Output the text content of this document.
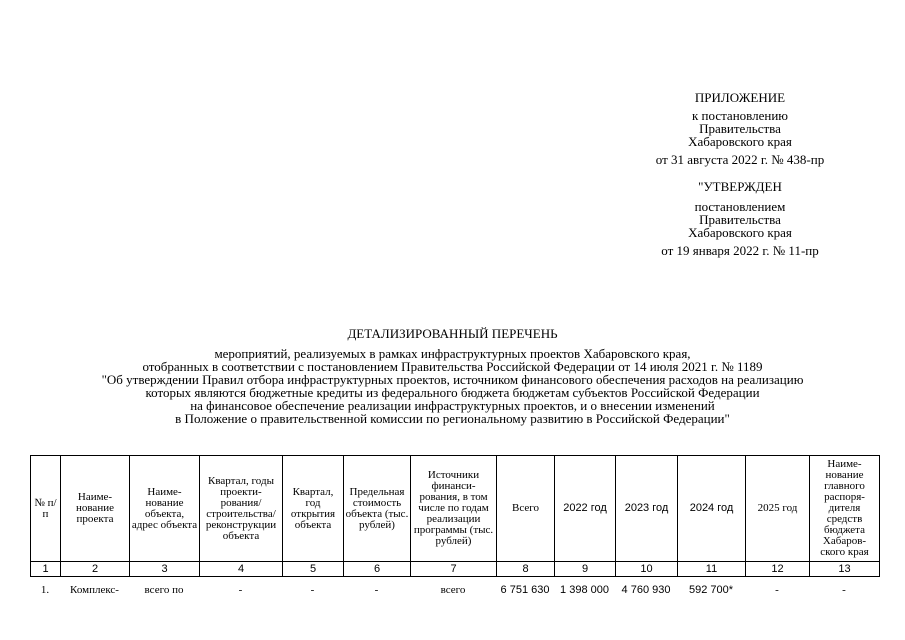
ПРИЛОЖЕНИЕ
к постановлению
Правительства
Хабаровского края
от 31 августа 2022 г. № 438-пр
"УТВЕРЖДЕН
постановлением
Правительства
Хабаровского края
от 19 января 2022 г. № 11-пр
ДЕТАЛИЗИРОВАННЫЙ ПЕРЕЧЕНЬ
мероприятий, реализуемых в рамках инфраструктурных проектов Хабаровского края,
отобранных в соответствии с постановлением Правительства Российской Федерации от 14 июля 2021 г. № 1189
"Об утверждении Правил отбора инфраструктурных проектов, источником финансового обеспечения расходов на реализацию
которых являются бюджетные кредиты из федерального бюджета бюджетам субъектов Российской Федерации
на финансовое обеспечение реализации инфраструктурных проектов, и о внесении изменений
в Положение о правительственной комиссии по региональному развитию в Российской Федерации"
№ п/п	Наиме-нование проекта	Наиме-нование объекта, адрес объекта	Квартал, годы проекти-рования/ строительства/ реконструкции объекта	Квартал, год открытия объекта	Предельная стоимость объекта (тыс. рублей)	Источники финанси-рования, в том числе по годам реализации программы (тыс. рублей)	Всего	2022 год	2023 год	2024 год	2025 год	Наиме-нование главного распоря-дителя средств бюджета Хабаров-ского края
1	2	3	4	5	6	7	8	9	10	11	12	13
1.	Комплекс-	всего по	-	-	-	всего	6 751 630	1 398 000	4 760 930	592 700*	-	-
